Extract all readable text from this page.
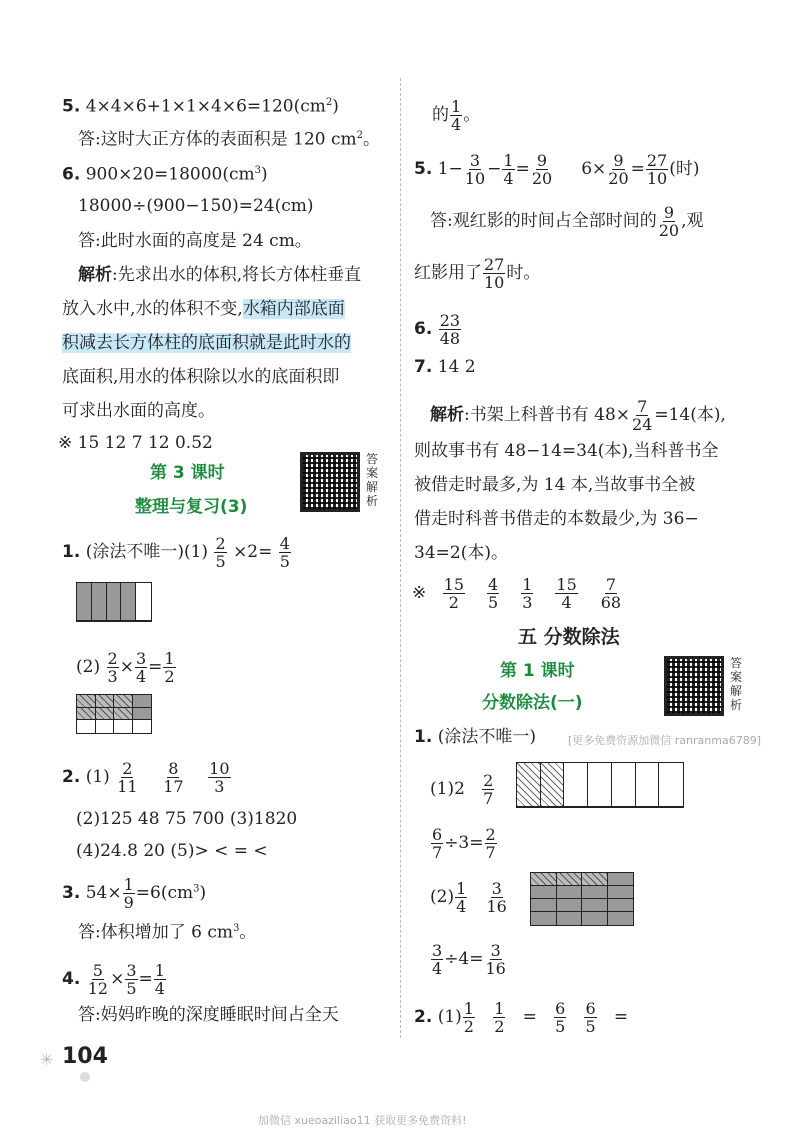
5. $4\times 4\times 6+1\times 1\times 4\times 6=120(cm^2)$
答:这时大正方体的表面积是 120 $cm^2$。
6. $900\times 20=18000(cm^3)$
18000÷(900−150)=24(cm)
答:此时水面的高度是 24 cm。
解析:先求出水的体积,将长方体柱垂直
放入水中,水的体积不变,水箱内部底面
积减去长方体柱的底面积就是此时水的
底面积,用水的体积除以水的底面积即
可求出水面的高度。
※ 15 12 7 12 0.52
第 3 课时
整理与复习(3)
答案解析
1. (涂法不唯一)$(1) \frac{2}{5} \times 2= \frac{4}{5}$
$(2) \frac{2}{3} \times \frac{3}{4} = \frac{1}{2}$
2. $(1) \frac{2}{11}$
$\frac{8}{17}$
$\frac{10}{3}$
(2)125 48 75 700 (3)1820
(4)24.8 20 (5)> < = <
3. $54\times \frac{1}{9} =6(cm^3)$
答:体积增加了 6 $cm^3$。
4. $\frac{5}{12} \times \frac{3}{5} = \frac{1}{4}$
答:妈妈昨晚的深度睡眠时间占全天
的 $\frac{1}{4}$ 。
5. $1- \frac{3}{10} - \frac{1}{4} = \frac{9}{20} 6\times \frac{9}{20} = \frac{27}{10}$ (时)
答:观红影的时间占全部时间的 $\frac{9}{20}$ ,观
红影用了 $\frac{27}{10}$ 时。
6. $\frac{23}{48}$
7. 14 2
解析:书架上科普书有 $48\times \frac{7}{24} =14$(本),
则故事书有 48−14=34(本),当科普书全
被借走时最多,为 14 本,当故事书全被
借走时科普书借走的本数最少,为 36−
34=2(本)。
※ $\frac{15}{2} \frac{4}{5} \frac{1}{3} \frac{15}{4} \frac{7}{68}$
五 分数除法
第 1 课时
分数除法(一)
答案解析
1. (涂法不唯一)	[更多免费资源加微信 ranranma6789]
$(1)2 \frac{2}{7}$
$\frac{6}{7} \div 3= \frac{2}{7}$
$(2) \frac{1}{4}$
$\frac{3}{16}$
$\frac{3}{4} \div 4= \frac{3}{16}$
2. $(1) \frac{1}{2}$
$\frac{1}{2} = \frac{6}{5}$
$\frac{6}{5}$ =
✳ 104
加微信 xueoaziliao11 获取更多免费资料!
